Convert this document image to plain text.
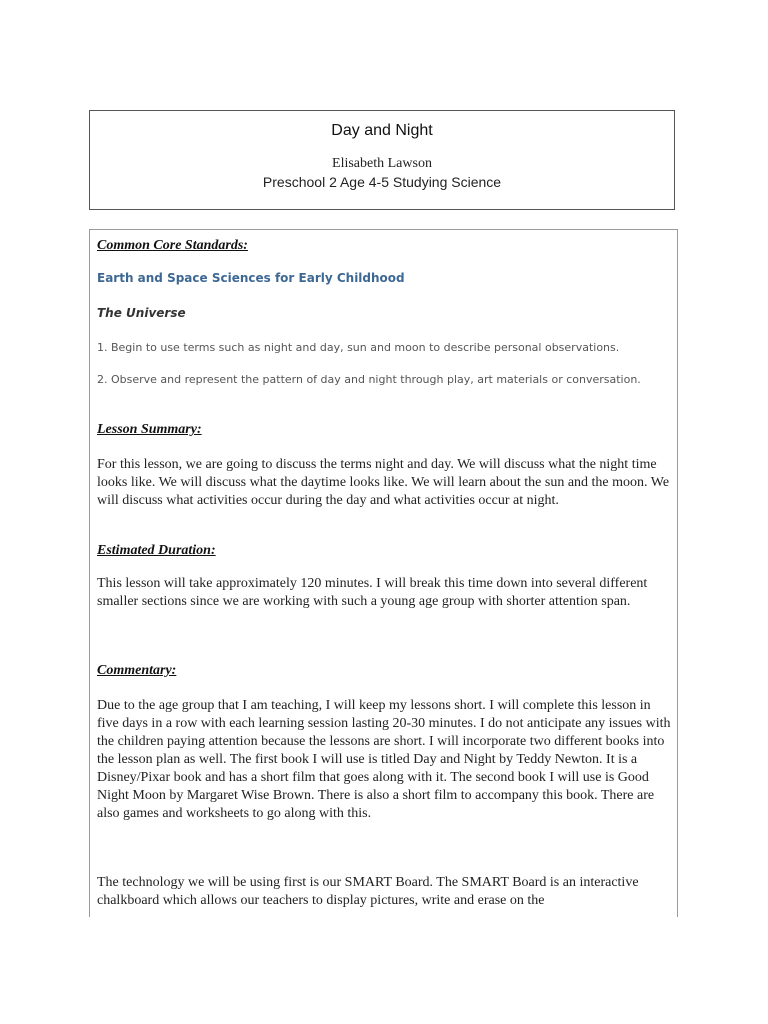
Day and Night
Elisabeth Lawson
Preschool 2 Age 4-5 Studying Science
Common Core Standards:
Earth and Space Sciences for Early Childhood
The Universe
1. Begin to use terms such as night and day, sun and moon to describe personal observations.
2. Observe and represent the pattern of day and night through play, art materials or conversation.
Lesson Summary:

For this lesson, we are going to discuss the terms night and day. We will discuss what the night time looks like. We will discuss what the daytime looks like. We will learn about the sun and the moon. We will discuss what activities occur during the day and what activities occur at night.

Estimated Duration:

This lesson will take approximately 120 minutes. I will break this time down into several different smaller sections since we are working with such a young age group with shorter attention span.

Commentary:

Due to the age group that I am teaching, I will keep my lessons short. I will complete this lesson in five days in a row with each learning session lasting 20-30 minutes. I do not anticipate any issues with the children paying attention because the lessons are short. I will incorporate two different books into the lesson plan as well. The first book I will use is titled Day and Night by Teddy Newton. It is a Disney/Pixar book and has a short film that goes along with it. The second book I will use is Good Night Moon by Margaret Wise Brown. There is also a short film to accompany this book. There are also games and worksheets to go along with this.

The technology we will be using first is our SMART Board. The SMART Board is an interactive chalkboard which allows our teachers to display pictures, write and erase on the
